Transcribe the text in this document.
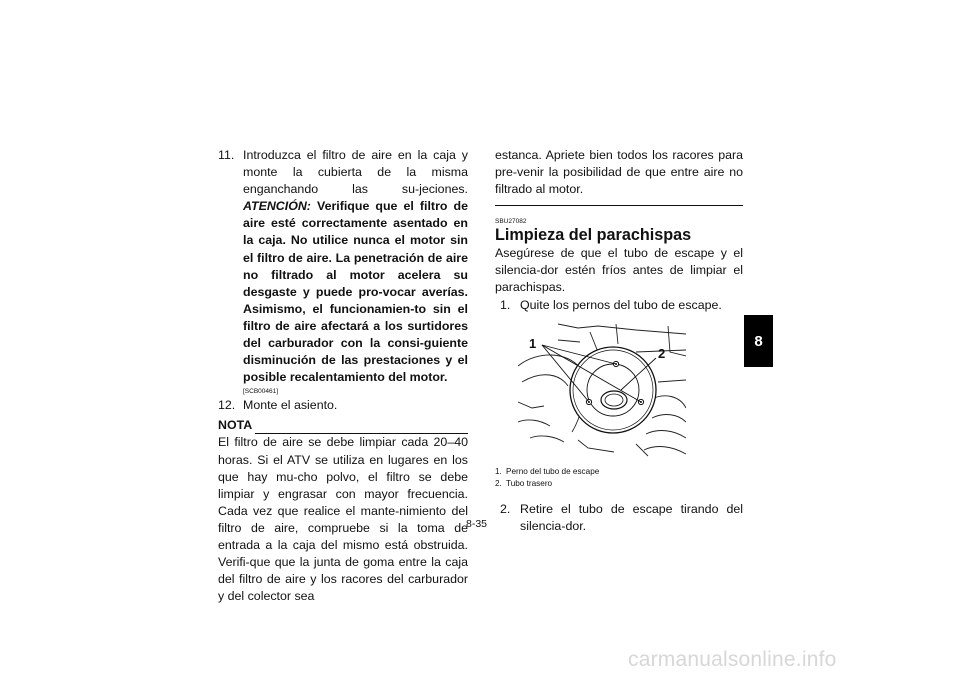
11. Introduzca el filtro de aire en la caja y monte la cubierta de la misma enganchando las su-jeciones. ATENCIÓN: Verifique que el filtro de aire esté correctamente asentado en la caja. No utilice nunca el motor sin el filtro de aire. La penetración de aire no filtrado al motor acelera su desgaste y puede pro-vocar averías. Asimismo, el funcionamien-to sin el filtro de aire afectará a los surtidores del carburador con la consi-guiente disminución de las prestaciones y el posible recalentamiento del motor.
[SCB00461]
12. Monte el asiento.
NOTA
El filtro de aire se debe limpiar cada 20–40 horas. Si el ATV se utiliza en lugares en los que hay mu-cho polvo, el filtro se debe limpiar y engrasar con mayor frecuencia. Cada vez que realice el mante-nimiento del filtro de aire, compruebe si la toma de entrada a la caja del mismo está obstruida. Verifi-que que la junta de goma entre la caja del filtro de aire y los racores del carburador y del colector sea
estanca. Apriete bien todos los racores para pre-venir la posibilidad de que entre aire no filtrado al motor.
SBU27082
Limpieza del parachispas
Asegúrese de que el tubo de escape y el silencia-dor estén fríos antes de limpiar el parachispas.
1. Quite los pernos del tubo de escape.
1
2
1. Perno del tubo de escape
2. Tubo trasero
2. Retire el tubo de escape tirando del silencia-dor.
8
8-35
carmanualsonline.info
